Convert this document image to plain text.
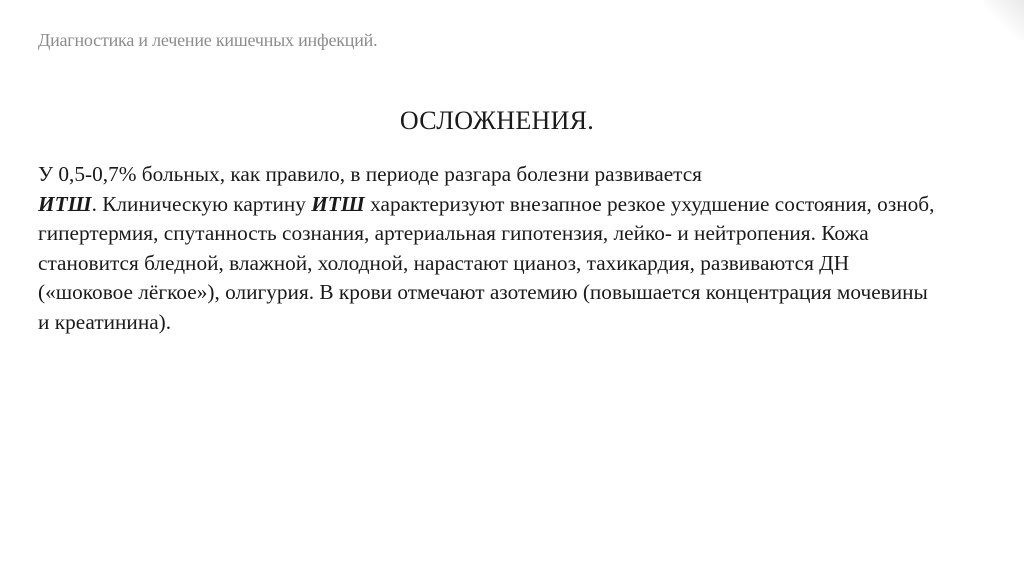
Диагностика и лечение кишечных инфекций.
ОСЛОЖНЕНИЯ.
У 0,5-0,7% больных, как правило, в периоде разгара болезни развивается
ИТШ. Клиническую картину ИТШ характеризуют внезапное резкое ухудшение состояния, озноб, гипертермия, спутанность сознания, артериальная гипотензия, лейко- и нейтропения. Кожа становится бледной, влажной, холодной, нарастают цианоз, тахикардия, развиваются ДН («шоковое лёгкое»), олигурия. В крови отмечают азотемию (повышается концентрация мочевины и креатинина).
